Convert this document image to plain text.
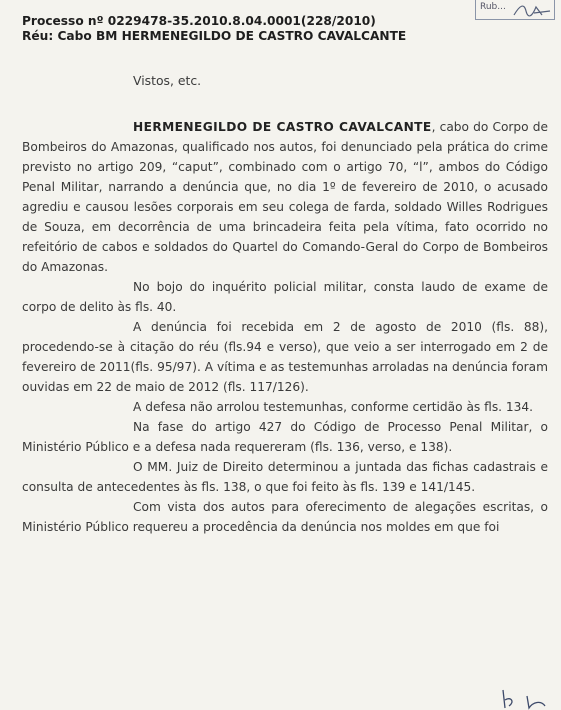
Rub...
Processo nº 0229478-35.2010.8.04.0001(228/2010)
Réu: Cabo BM HERMENEGILDO DE CASTRO CAVALCANTE
Vistos, etc.

HERMENEGILDO DE CASTRO CAVALCANTE, cabo do Corpo de Bombeiros do Amazonas, qualificado nos autos, foi denunciado pela prática do crime previsto no artigo 209, “caput”, combinado com o artigo 70, “l”, ambos do Código Penal Militar, narrando a denúncia que, no dia 1º de fevereiro de 2010, o acusado agrediu e causou lesões corporais em seu colega de farda, soldado Willes Rodrigues de Souza, em decorrência de uma brincadeira feita pela vítima, fato ocorrido no refeitório de cabos e soldados do Quartel do Comando-Geral do Corpo de Bombeiros do Amazonas.

No bojo do inquérito policial militar, consta laudo de exame de corpo de delito às fls. 40.

A denúncia foi recebida em 2 de agosto de 2010 (fls. 88), procedendo-se à citação do réu (fls.94 e verso), que veio a ser interrogado em 2 de fevereiro de 2011(fls. 95/97). A vítima e as testemunhas arroladas na denúncia foram ouvidas em 22 de maio de 2012 (fls. 117/126).

A defesa não arrolou testemunhas, conforme certidão às fls. 134.

Na fase do artigo 427 do Código de Processo Penal Militar, o Ministério Público e a defesa nada requereram (fls. 136, verso, e 138).

O MM. Juiz de Direito determinou a juntada das fichas cadastrais e consulta de antecedentes às fls. 138, o que foi feito às fls. 139 e 141/145.

Com vista dos autos para oferecimento de alegações escritas, o Ministério Público requereu a procedência da denúncia nos moldes em que foi
